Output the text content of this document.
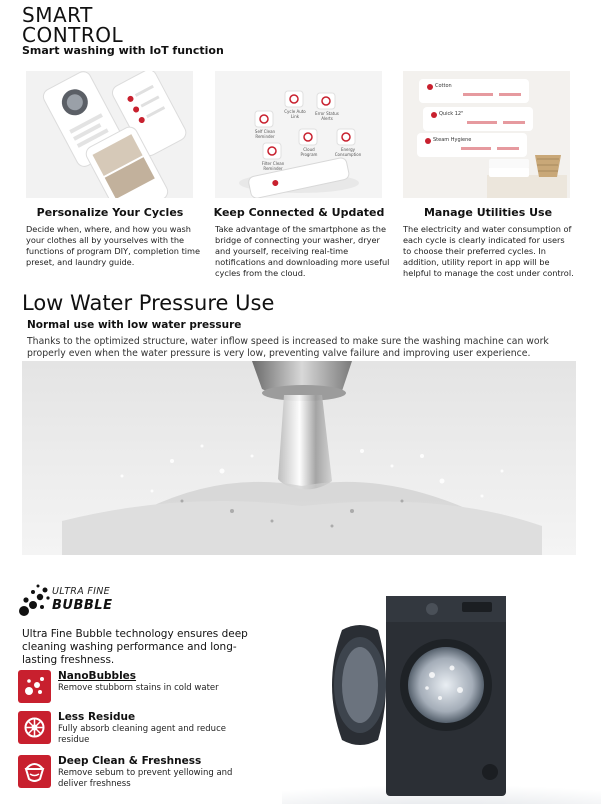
SMART
CONTROL
Smart washing with IoT function
Cycle Auto Link
Error Status Alerts
Self Clean Reminder
Cloud Program
Filter Clean Reminder
Energy Consumption
Cotton
Quick 12"
Steam Hygiene
Personalize Your Cycles
Decide when, where, and how you wash your clothes all by yourselves with the functions of program DIY, completion time preset, and laundry guide.
Keep Connected & Updated
Take advantage of the smartphone as the bridge of connecting your washer, dryer and yourself, receiving real-time notifications and downloading more useful cycles from the cloud.
Manage Utilities Use
The electricity and water consumption of each cycle is clearly indicated for users to choose their preferred cycles. In addition, utility report in app will be helpful to manage the cost under control.
Low Water Pressure Use
Normal use with low water pressure
Thanks to the optimized structure, water inflow speed is increased to make sure the washing machine can work properly even when the water pressure is very low, preventing valve failure and improving user experience.
ULTRA FINE
BUBBLE
Ultra Fine Bubble technology ensures deep cleaning washing performance and long-lasting freshness.
NanoBubbles
Remove stubborn stains in cold water
Less Residue
Fully absorb cleaning agent and reduce residue
Deep Clean & Freshness
Remove sebum to prevent yellowing and deliver freshness
